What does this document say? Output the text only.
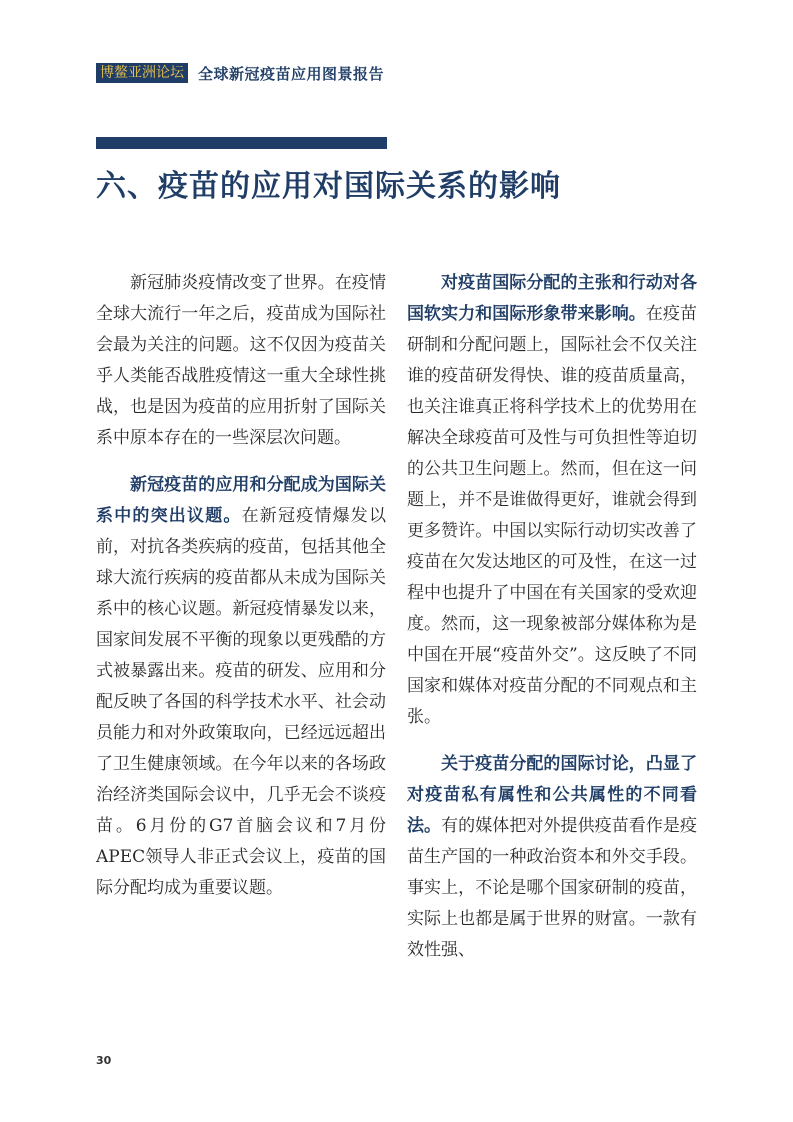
博鳌亚洲论坛 全球新冠疫苗应用图景报告
六、疫苗的应用对国际关系的影响

新冠肺炎疫情改变了世界。在疫情全球大流行一年之后，疫苗成为国际社会最为关注的问题。这不仅因为疫苗关乎人类能否战胜疫情这一重大全球性挑战，也是因为疫苗的应用折射了国际关系中原本存在的一些深层次问题。

新冠疫苗的应用和分配成为国际关系中的突出议题。在新冠疫情爆发以前，对抗各类疾病的疫苗，包括其他全球大流行疾病的疫苗都从未成为国际关系中的核心议题。新冠疫情暴发以来，国家间发展不平衡的现象以更残酷的方式被暴露出来。疫苗的研发、应用和分配反映了各国的科学技术水平、社会动员能力和对外政策取向，已经远远超出了卫生健康领域。在今年以来的各场政治经济类国际会议中，几乎无会不谈疫苗。6月份的G7首脑会议和7月份APEC领导人非正式会议上，疫苗的国际分配均成为重要议题。

对疫苗国际分配的主张和行动对各国软实力和国际形象带来影响。在疫苗研制和分配问题上，国际社会不仅关注谁的疫苗研发得快、谁的疫苗质量高，也关注谁真正将科学技术上的优势用在解决全球疫苗可及性与可负担性等迫切的公共卫生问题上。然而，但在这一问题上，并不是谁做得更好，谁就会得到更多赞许。中国以实际行动切实改善了疫苗在欠发达地区的可及性，在这一过程中也提升了中国在有关国家的受欢迎度。然而，这一现象被部分媒体称为是中国在开展“疫苗外交”。这反映了不同国家和媒体对疫苗分配的不同观点和主张。

关于疫苗分配的国际讨论，凸显了对疫苗私有属性和公共属性的不同看法。有的媒体把对外提供疫苗看作是疫苗生产国的一种政治资本和外交手段。事实上，不论是哪个国家研制的疫苗，实际上也都是属于世界的财富。一款有效性强、

30
